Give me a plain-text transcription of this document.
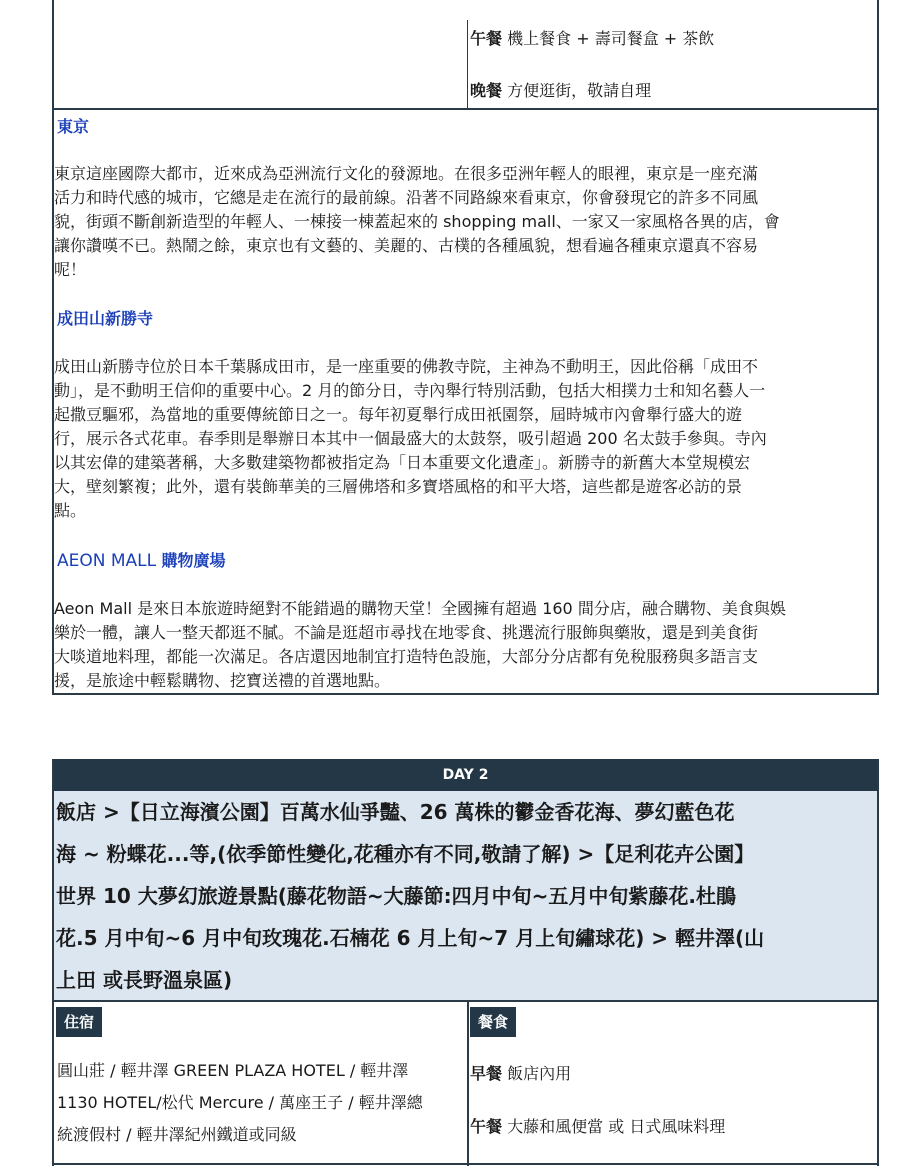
午餐 機上餐食 + 壽司餐盒 + 茶飲
晚餐 方便逛街，敬請自理
東京
東京這座國際大都市，近來成為亞洲流行文化的發源地。在很多亞洲年輕人的眼裡，東京是一座充滿
活力和時代感的城市，它總是走在流行的最前線。沿著不同路線來看東京，你會發現它的許多不同風
貌，街頭不斷創新造型的年輕人、一棟接一棟蓋起來的 shopping mall、一家又一家風格各異的店，會
讓你讚嘆不已。熱鬧之餘，東京也有文藝的、美麗的、古樸的各種風貌，想看遍各種東京還真不容易
呢！
成田山新勝寺
成田山新勝寺位於日本千葉縣成田市，是一座重要的佛教寺院，主神為不動明王，因此俗稱「成田不
動」，是不動明王信仰的重要中心。2 月的節分日，寺內舉行特別活動，包括大相撲力士和知名藝人一
起撒豆驅邪，為當地的重要傳統節日之一。每年初夏舉行成田祇園祭，屆時城市內會舉行盛大的遊
行，展示各式花車。春季則是舉辦日本其中一個最盛大的太鼓祭，吸引超過 200 名太鼓手參與。寺內
以其宏偉的建築著稱，大多數建築物都被指定為「日本重要文化遺產」。新勝寺的新舊大本堂規模宏
大，壁刻繁複；此外，還有裝飾華美的三層佛塔和多寶塔風格的和平大塔，這些都是遊客必訪的景
點。
AEON MALL 購物廣場
Aeon Mall 是來日本旅遊時絕對不能錯過的購物天堂！全國擁有超過 160 間分店，融合購物、美食與娛
樂於一體，讓人一整天都逛不膩。不論是逛超市尋找在地零食、挑選流行服飾與藥妝，還是到美食街
大啖道地料理，都能一次滿足。各店還因地制宜打造特色設施，大部分分店都有免稅服務與多語言支
援，是旅途中輕鬆購物、挖寶送禮的首選地點。
DAY 2

飯店 >【日立海濱公園】百萬水仙爭豔、26 萬株的鬱金香花海、夢幻藍色花

海 ~ 粉蝶花...等,(依季節性變化,花種亦有不同,敬請了解) >【足利花卉公園】

世界 10 大夢幻旅遊景點(藤花物語~大藤節:四月中旬~五月中旬紫藤花.杜鵑

花.5 月中旬~6 月中旬玫瑰花.石楠花 6 月上旬~7 月上旬繡球花) > 輕井澤(山

上田 或長野溫泉區)

住宿	餐食
圓山莊 / 輕井澤 GREEN PLAZA HOTEL / 輕井澤
1130 HOTEL/松代 Mercure / 萬座王子 / 輕井澤總
統渡假村 / 輕井澤紀州鐵道或同級
早餐 飯店內用
午餐 大藤和風便當 或 日式風味料理
